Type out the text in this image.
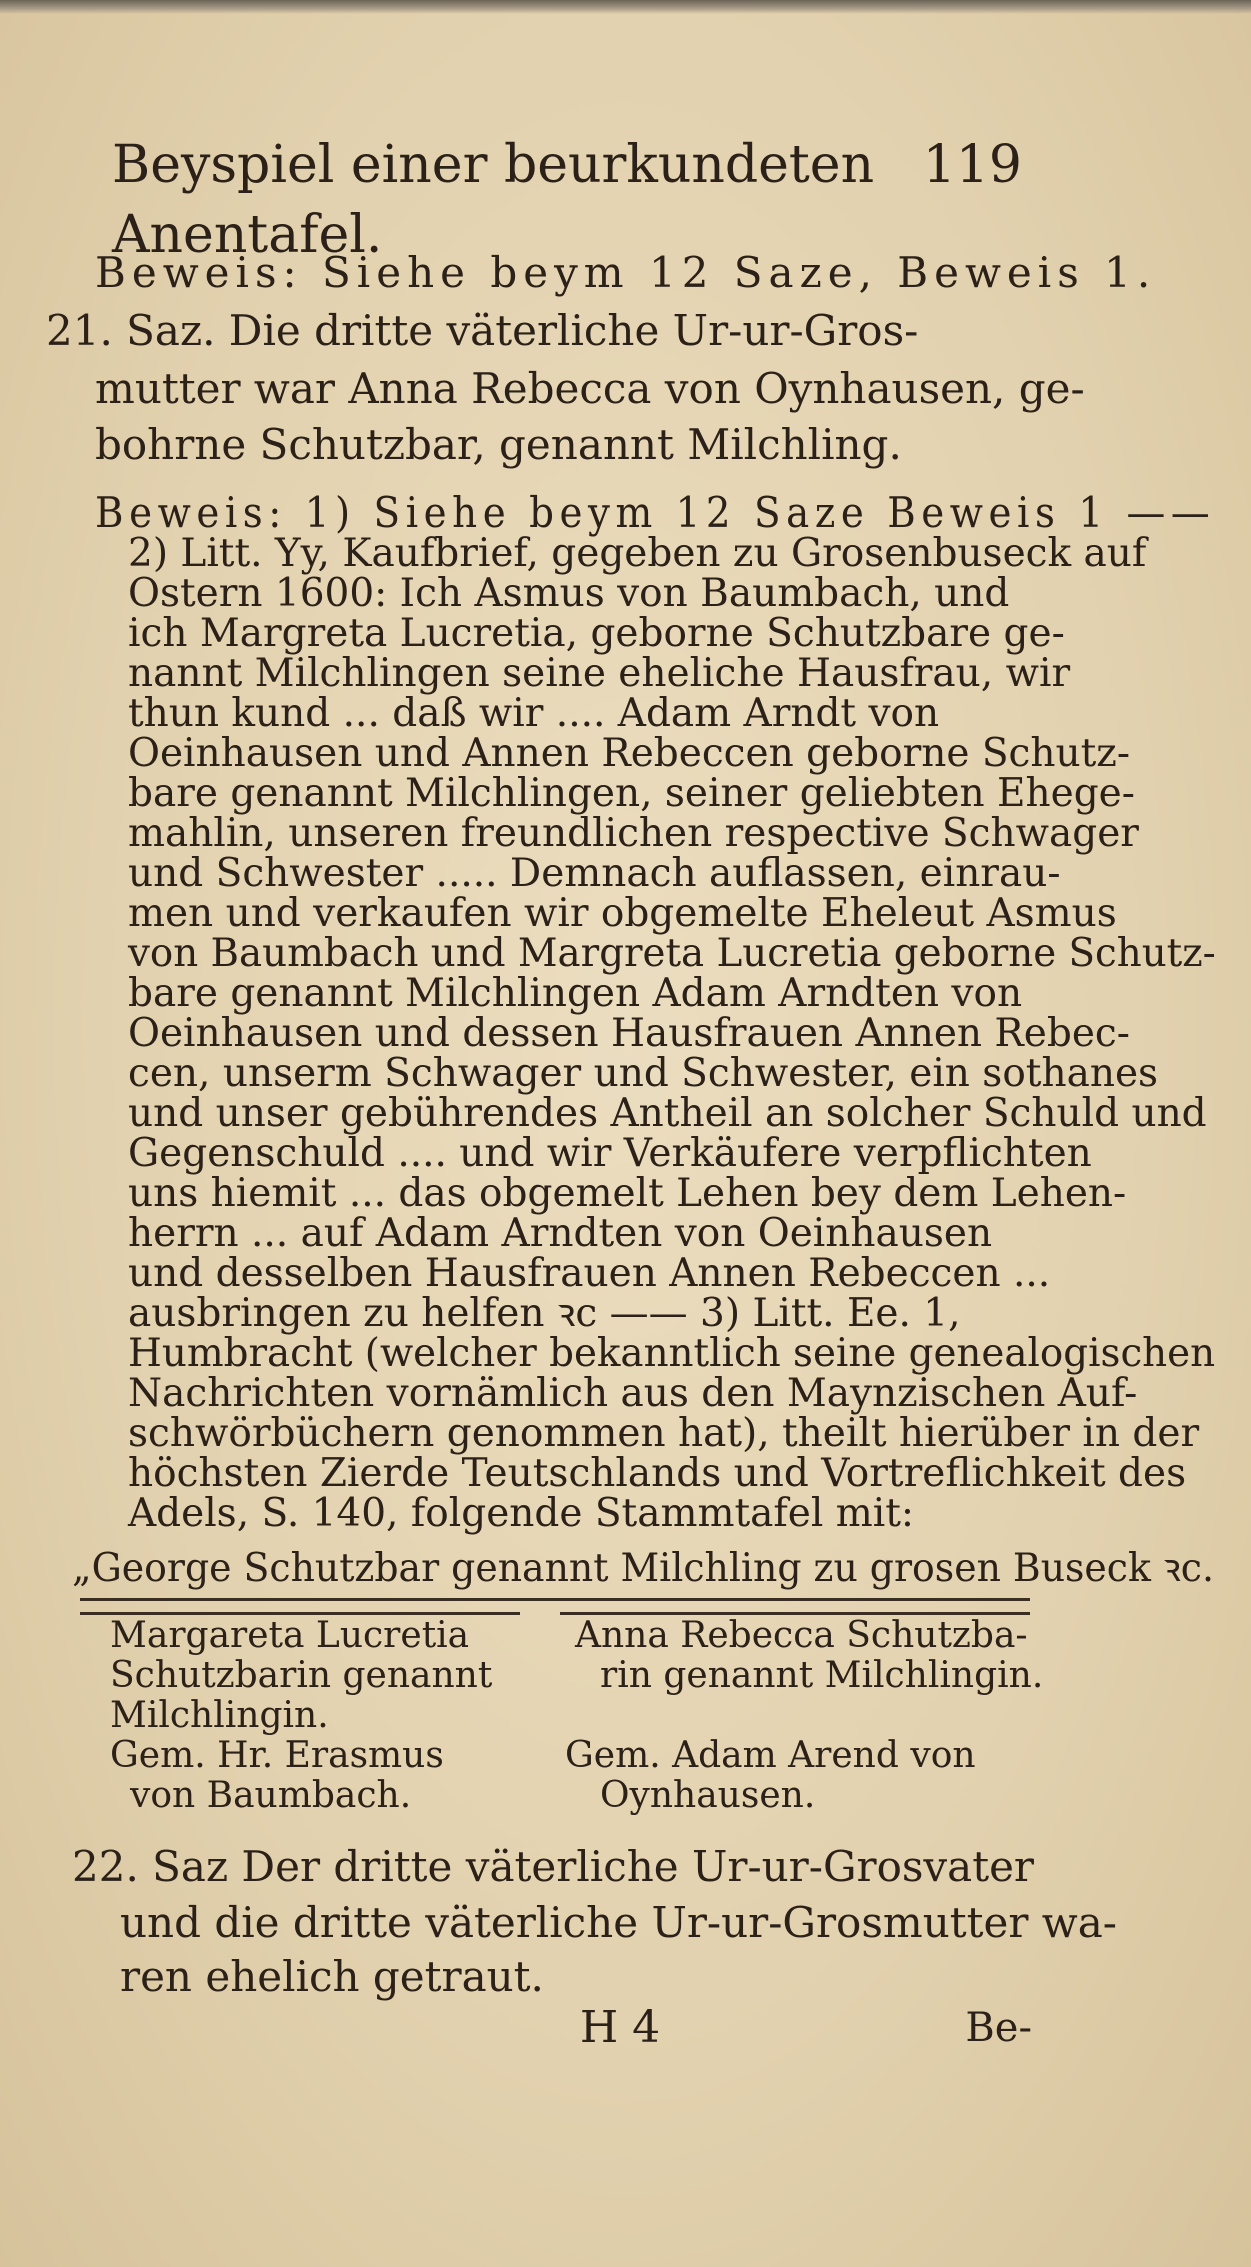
Beyspiel einer beurkundeten Anentafel.
119
Beweis: Siehe beym 12 Saze, Beweis 1.
21. Saz. Die dritte väterliche Ur-ur-Gros-
mutter war Anna Rebecca von Oynhausen, ge-
bohrne Schutzbar, genannt Milchling.
Beweis: 1) Siehe beym 12 Saze Beweis 1 ——
2) Litt. Yy, Kaufbrief, gegeben zu Grosenbuseck auf
Ostern 1600: Ich Asmus von Baumbach, und
ich Margreta Lucretia, geborne Schutzbare ge-
nannt Milchlingen seine eheliche Hausfrau, wir
thun kund ... daß wir .... Adam Arndt von
Oeinhausen und Annen Rebeccen geborne Schutz-
bare genannt Milchlingen, seiner geliebten Ehege-
mahlin, unseren freundlichen respective Schwager
und Schwester ..... Demnach auflassen, einrau-
men und verkaufen wir obgemelte Eheleut Asmus
von Baumbach und Margreta Lucretia geborne Schutz-
bare genannt Milchlingen Adam Arndten von
Oeinhausen und dessen Hausfrauen Annen Rebec-
cen, unserm Schwager und Schwester, ein sothanes
und unser gebührendes Antheil an solcher Schuld und
Gegenschuld .... und wir Verkäufere verpflichten
uns hiemit ... das obgemelt Lehen bey dem Lehen-
herrn ... auf Adam Arndten von Oeinhausen
und desselben Hausfrauen Annen Rebeccen ...
ausbringen zu helfen ꝛc —— 3) Litt. Ee. 1,
Humbracht (welcher bekanntlich seine genealogischen
Nachrichten vornämlich aus den Maynzischen Auf-
schwörbüchern genommen hat), theilt hierüber in der
höchsten Zierde Teutschlands und Vortreflichkeit des
Adels, S. 140, folgende Stammtafel mit:
„George Schutzbar genannt Milchling zu grosen Buseck ꝛc.
Margareta Lucretia
Schutzbarin genannt
Milchlingin.
Gem. Hr. Erasmus
von Baumbach.
Anna Rebecca Schutzba-
rin genannt Milchlingin.
Gem. Adam Arend von
Oynhausen.
22. Saz Der dritte väterliche Ur-ur-Grosvater
und die dritte väterliche Ur-ur-Grosmutter wa-
ren ehelich getraut.
H 4	Be-
